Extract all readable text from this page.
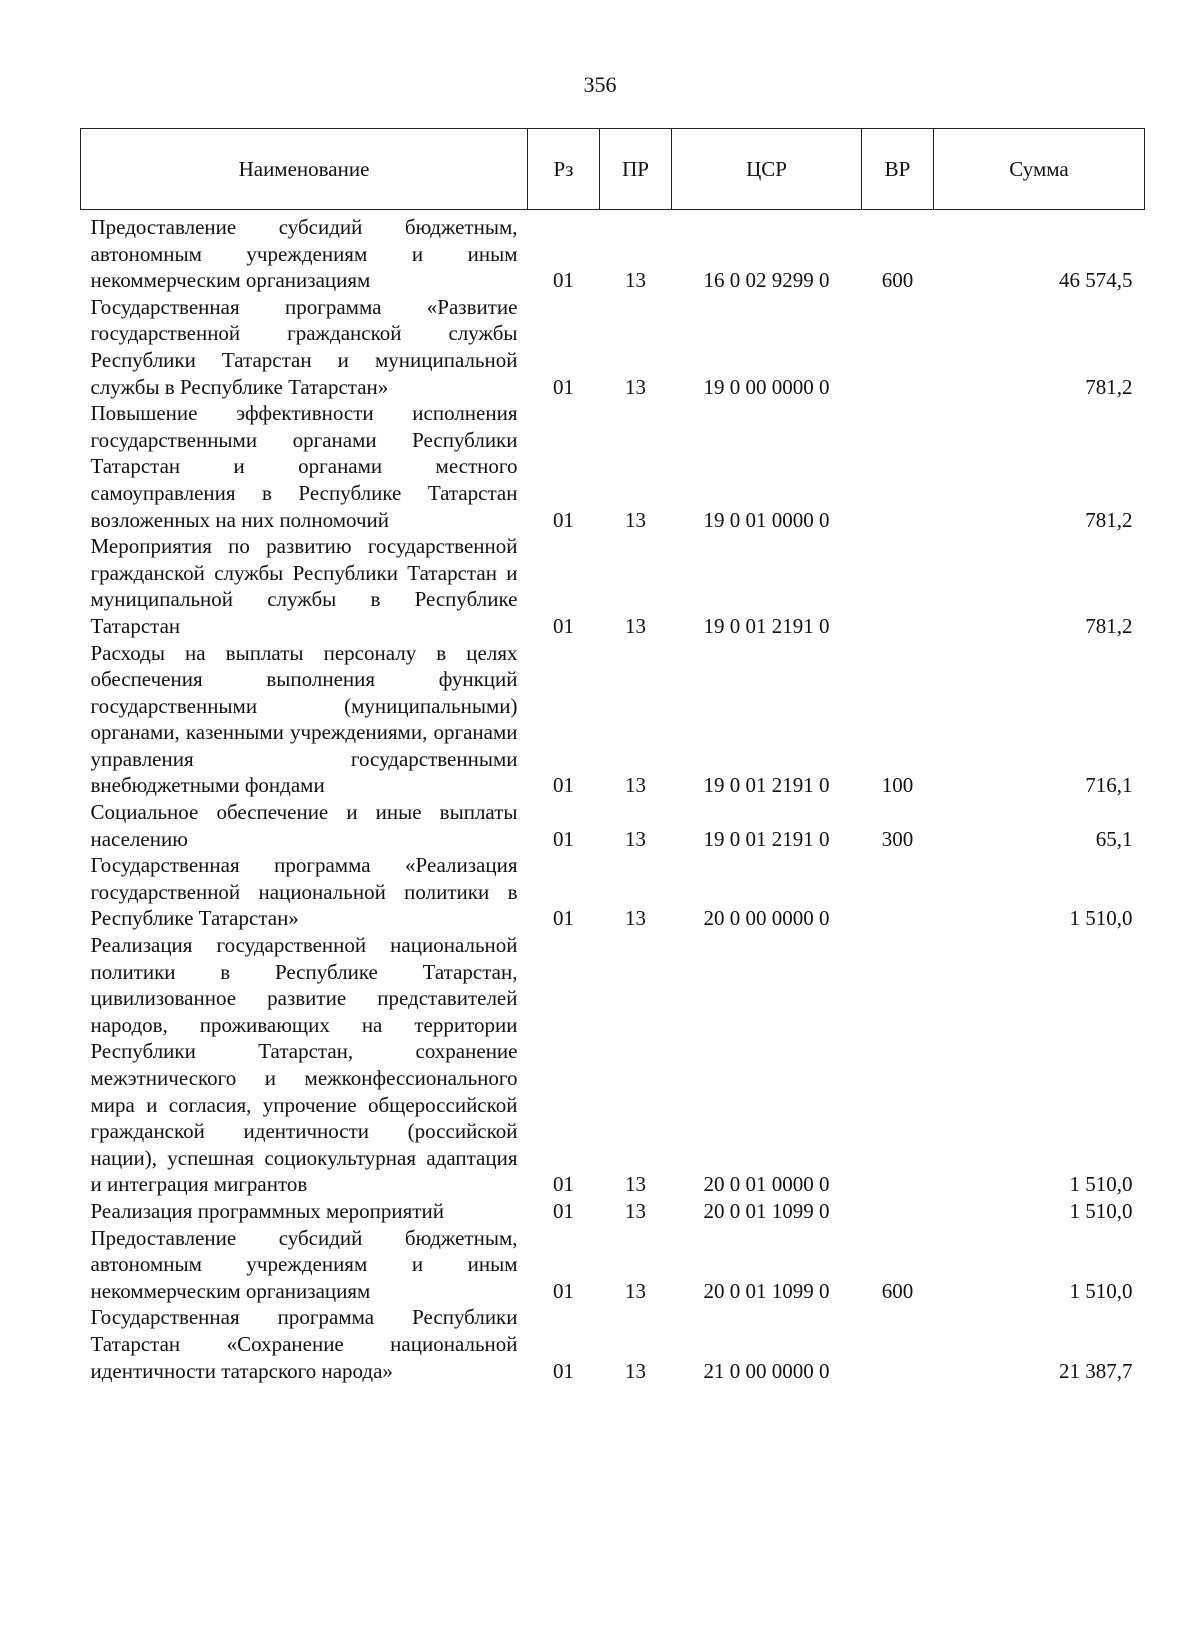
356
Наименование	Рз	ПР	ЦСР	ВР	Сумма
Предоставление субсидий бюджетным, автономным учреждениям и иным некоммерческим организациям	01	13	16 0 02 9299 0	600	46 574,5
Государственная программа «Развитие государственной гражданской службы Республики Татарстан и муниципальной службы в Республике Татарстан»	01	13	19 0 00 0000 0		781,2
Повышение эффективности исполнения государственными органами Республики Татарстан и органами местного самоуправления в Республике Татарстан возложенных на них полномочий	01	13	19 0 01 0000 0		781,2
Мероприятия по развитию государственной гражданской службы Республики Татарстан и муниципальной службы в Республике Татарстан	01	13	19 0 01 2191 0		781,2
Расходы на выплаты персоналу в целях обеспечения выполнения функций государственными (муниципальными) органами, казенными учреждениями, органами управления государственными внебюджетными фондами	01	13	19 0 01 2191 0	100	716,1
Социальное обеспечение и иные выплаты населению	01	13	19 0 01 2191 0	300	65,1
Государственная программа «Реализация государственной национальной политики в Республике Татарстан»	01	13	20 0 00 0000 0		1 510,0
Реализация государственной национальной политики в Республике Татарстан, цивилизованное развитие представителей народов, проживающих на территории Республики Татарстан, сохранение межэтнического и межконфессионального мира и согласия, упрочение общероссийской гражданской идентичности (российской нации), успешная социокультурная адаптация и интеграция мигрантов	01	13	20 0 01 0000 0		1 510,0
Реализация программных мероприятий	01	13	20 0 01 1099 0		1 510,0
Предоставление субсидий бюджетным, автономным учреждениям и иным некоммерческим организациям	01	13	20 0 01 1099 0	600	1 510,0
Государственная программа Республики Татарстан «Сохранение национальной идентичности татарского народа»	01	13	21 0 00 0000 0		21 387,7
